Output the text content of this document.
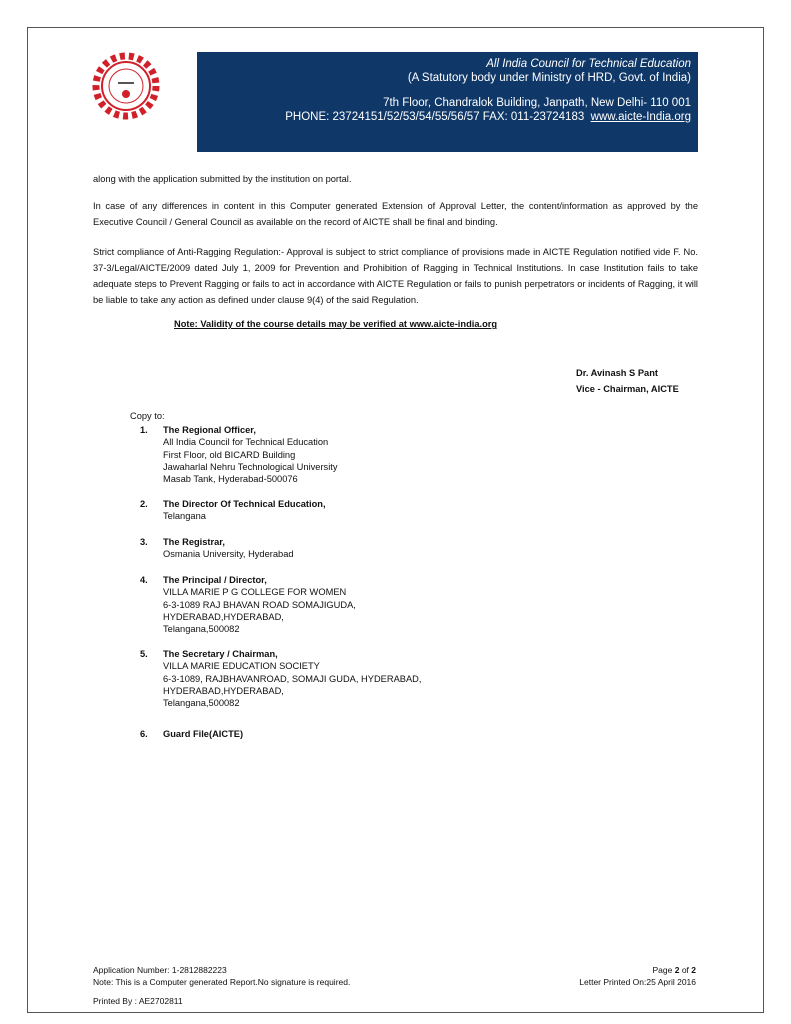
All India Council for Technical Education
(A Statutory body under Ministry of HRD, Govt. of India)
7th Floor, Chandralok Building, Janpath, New Delhi- 110 001
PHONE: 23724151/52/53/54/55/56/57 FAX: 011-23724183 www.aicte-India.org
along with the application submitted by the institution on portal.
In case of any differences in content in this Computer generated Extension of Approval Letter, the content/information as approved by the Executive Council / General Council as available on the record of AICTE shall be final and binding.
Strict compliance of Anti-Ragging Regulation:- Approval is subject to strict compliance of provisions made in AICTE Regulation notified vide F. No. 37-3/Legal/AICTE/2009 dated July 1, 2009 for Prevention and Prohibition of Ragging in Technical Institutions. In case Institution fails to take adequate steps to Prevent Ragging or fails to act in accordance with AICTE Regulation or fails to punish perpetrators or incidents of Ragging, it will be liable to take any action as defined under clause 9(4) of the said Regulation.
Note: Validity of the course details may be verified at www.aicte-india.org
Dr. Avinash S Pant
Vice - Chairman, AICTE
Copy to:
1. The Regional Officer,
All India Council for Technical Education
First Floor, old BICARD Building
Jawaharlal Nehru Technological University
Masab Tank, Hyderabad-500076
2. The Director Of Technical Education,
Telangana
3. The Registrar,
Osmania University, Hyderabad
4. The Principal / Director,
VILLA MARIE P G COLLEGE FOR WOMEN
6-3-1089 RAJ BHAVAN ROAD SOMAJIGUDA,
HYDERABAD,HYDERABAD,
Telangana,500082
5. The Secretary / Chairman,
VILLA MARIE EDUCATION SOCIETY
6-3-1089, RAJBHAVANROAD, SOMAJI GUDA, HYDERABAD,
HYDERABAD,HYDERABAD,
Telangana,500082
6. Guard File(AICTE)
Application Number: 1-2812882223
Note: This is a Computer generated Report.No signature is required.
Printed By : AE2702811
Page 2 of 2
Letter Printed On:25 April 2016
